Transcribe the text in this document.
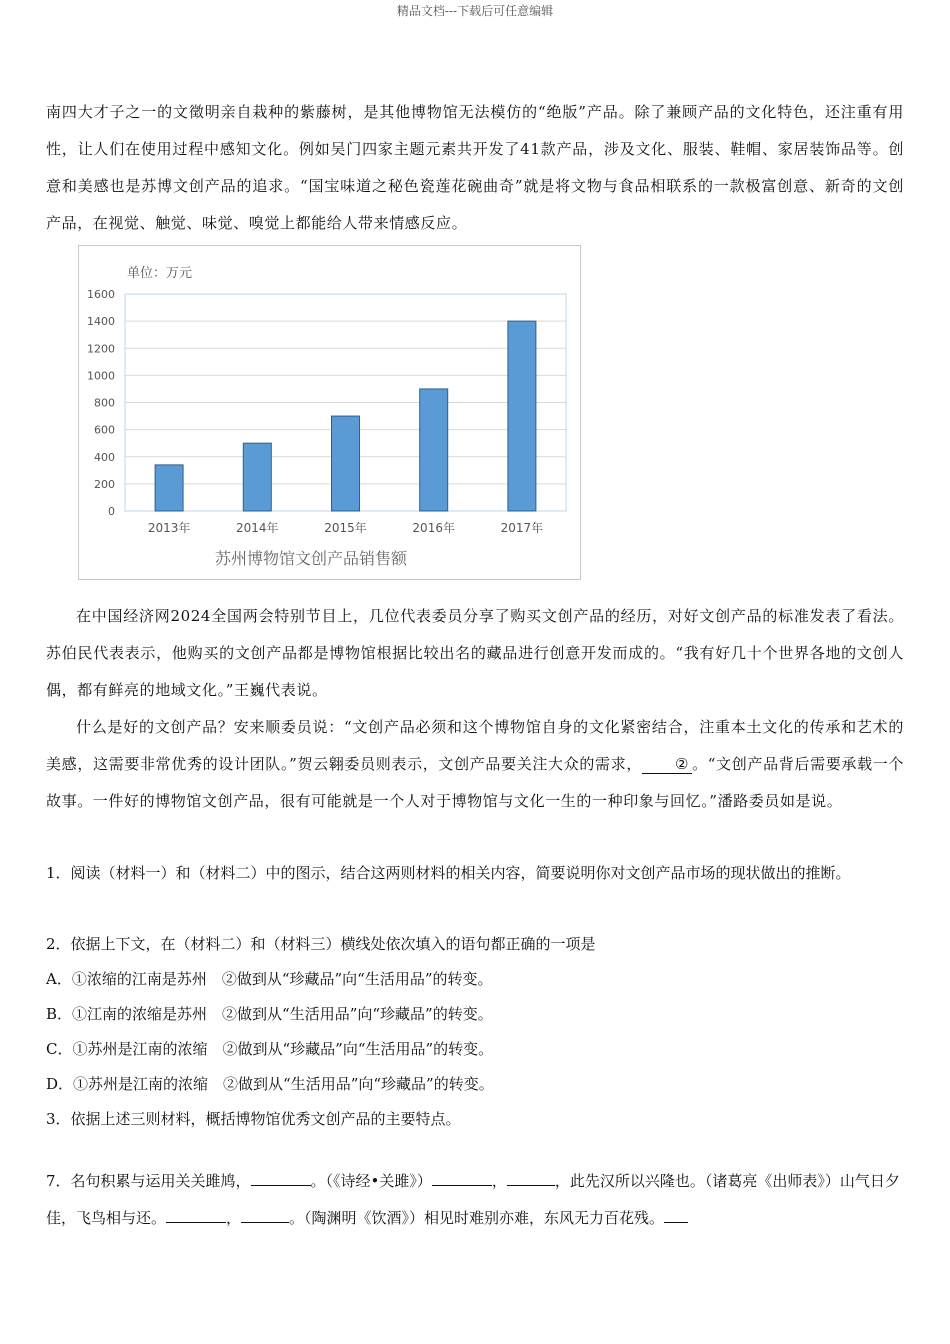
精品文档---下载后可任意编辑

南四大才子之一的文徵明亲自栽种的紫藤树，是其他博物馆无法模仿的“绝版”产品。除了兼顾产品的文化特色，还注重有用性，让人们在使用过程中感知文化。例如吴门四家主题元素共开发了41款产品，涉及文化、服装、鞋帽、家居装饰品等。创意和美感也是苏博文创产品的追求。“国宝味道之秘色瓷莲花碗曲奇”就是将文物与食品相联系的一款极富创意、新奇的文创产品，在视觉、触觉、味觉、嗅觉上都能给人带来情感反应。

单位：万元
0
200
400
600
800
1000
1200
1400
1600
2013年	2014年	2015年	2016年	2017年
苏州博物馆文创产品销售额

在中国经济网2024全国两会特别节目上，几位代表委员分享了购买文创产品的经历，对好文创产品的标准发表了看法。苏伯民代表表示，他购买的文创产品都是博物馆根据比较出名的藏品进行创意开发而成的。“我有好几十个世界各地的文创人偶，都有鲜亮的地域文化。”王巍代表说。

什么是好的文创产品？安来顺委员说：“文创产品必须和这个博物馆自身的文化紧密结合，注重本土文化的传承和艺术的美感，这需要非常优秀的设计团队。”贺云翱委员则表示，文创产品要关注大众的需求， ② 。“文创产品背后需要承载一个故事。一件好的博物馆文创产品，很有可能就是一个人对于博物馆与文化一生的一种印象与回忆。”潘路委员如是说。

1．阅读（材料一）和（材料二）中的图示，结合这两则材料的相关内容，简要说明你对文创产品市场的现状做出的推断。

2．依据上下文，在（材料二）和（材料三）横线处依次填入的语句都正确的一项是

A．①浓缩的江南是苏州　②做到从“珍藏品”向“生活用品”的转变。

B．①江南的浓缩是苏州　②做到从“生活用品”向“珍藏品”的转变。

C．①苏州是江南的浓缩　②做到从“珍藏品”向“生活用品”的转变。

D．①苏州是江南的浓缩　②做到从“生活用品”向“珍藏品”的转变。

3．依据上述三则材料，概括博物馆优秀文创产品的主要特点。

7．名句积累与运用关关雎鸠，	。（《诗经•关雎》）	，	，此先汉所以兴隆也。（诸葛亮《出师表》）山气日夕佳，飞鸟相与还。	，	。（陶渊明《饮酒》）相见时难别亦难，东风无力百花残。
